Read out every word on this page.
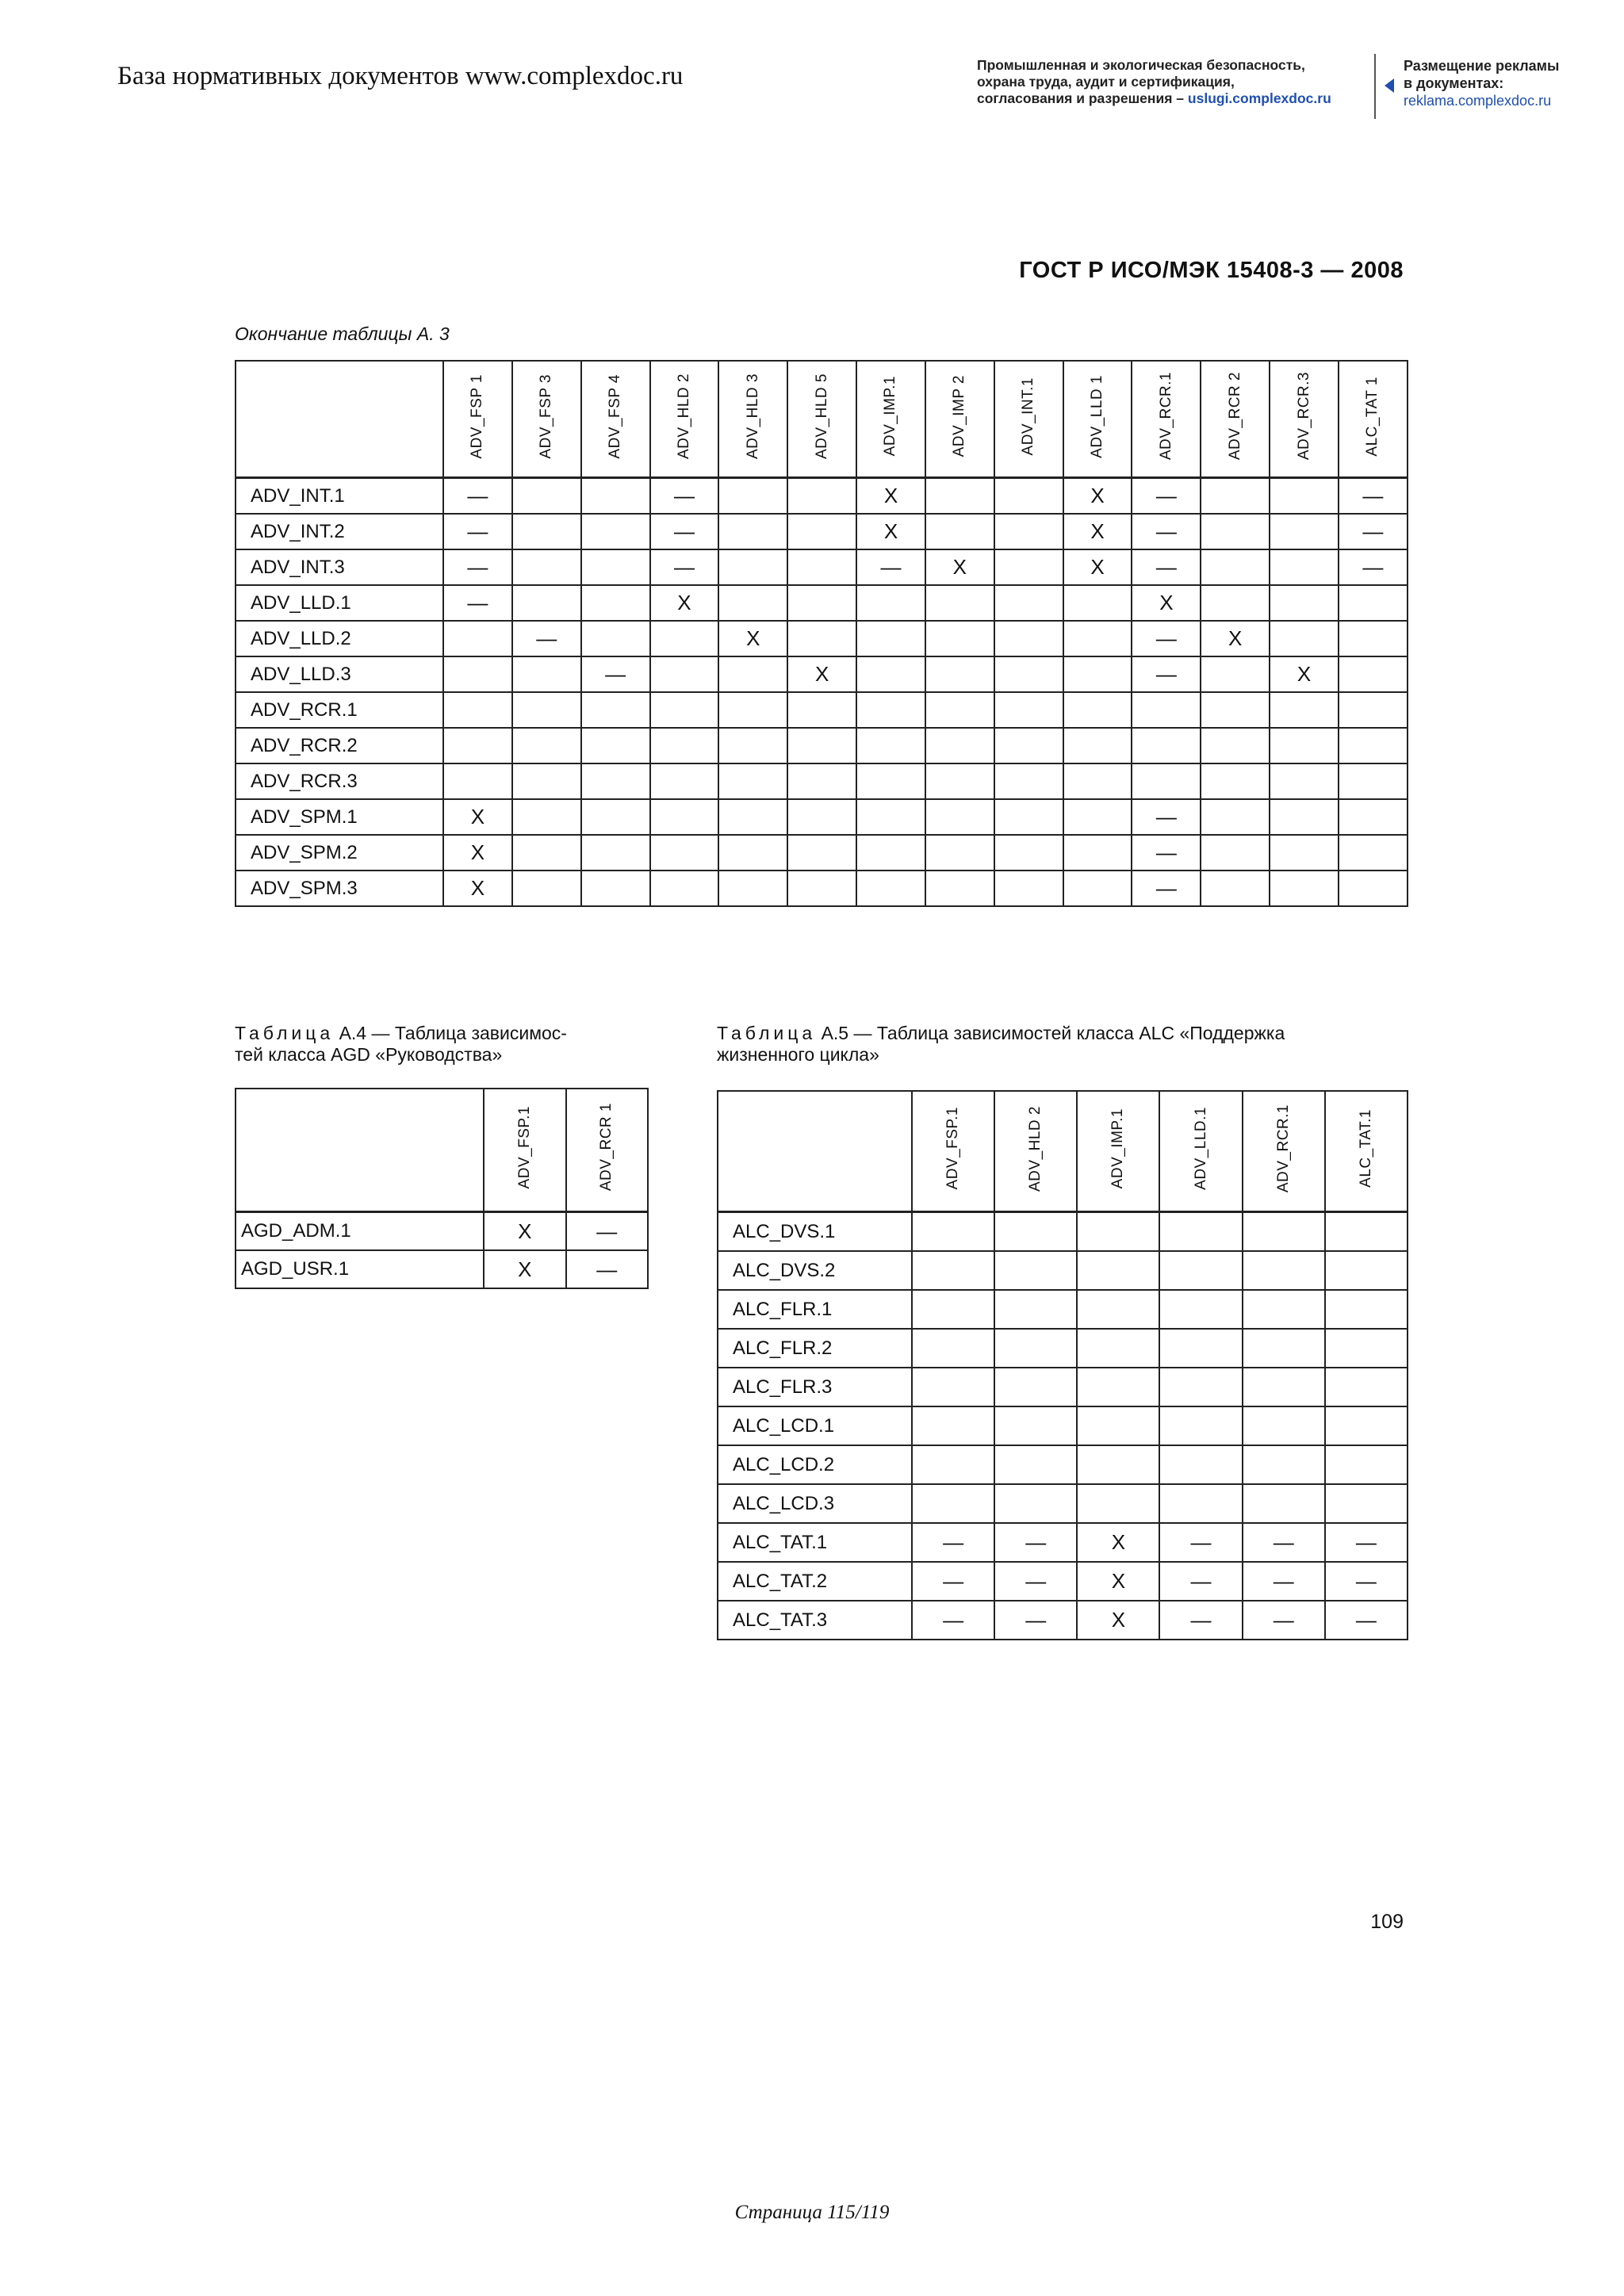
База нормативных документов www.complexdoc.ru	Промышленная и экологическая безопасность,
охрана труда, аудит и сертификация,
согласования и разрешения – uslugi.complexdoc.ru
Размещение рекламы
в документах:
reklama.complexdoc.ru
ГОСТ Р ИСО/МЭК 15408-3 — 2008
Окончание таблицы А. 3
	ADV_FSP 1	ADV_FSP 3	ADV_FSP 4	ADV_HLD 2	ADV_HLD 3	ADV_HLD 5	ADV_IMP.1	ADV_IMP 2	ADV_INT.1	ADV_LLD 1	ADV_RCR.1	ADV_RCR 2	ADV_RCR.3	ALC_TAT 1
ADV_INT.1	—			—			X			X	—			—
ADV_INT.2	—			—			X			X	—			—
ADV_INT.3	—			—			—	X		X	—			—
ADV_LLD.1	—			X							X			
ADV_LLD.2		—			X						—	X		
ADV_LLD.3			—			X					—		X	
ADV_RCR.1														
ADV_RCR.2														
ADV_RCR.3														
ADV_SPM.1	X										—			
ADV_SPM.2	X										—			
ADV_SPM.3	X										—			
Таблица А.4 — Таблица зависимос-
тей класса AGD «Руководства»
	ADV_FSP.1	ADV_RCR 1
AGD_ADM.1	X	—
AGD_USR.1	X	—
Таблица А.5 — Таблица зависимостей класса ALC «Поддержка
жизненного цикла»
	ADV_FSP.1	ADV_HLD 2	ADV_IMP.1	ADV_LLD.1	ADV_RCR.1	ALC_TAT.1
ALC_DVS.1						
ALC_DVS.2						
ALC_FLR.1						
ALC_FLR.2						
ALC_FLR.3						
ALC_LCD.1						
ALC_LCD.2						
ALC_LCD.3						
ALC_TAT.1	—	—	X	—	—	—
ALC_TAT.2	—	—	X	—	—	—
ALC_TAT.3	—	—	X	—	—	—
109
Страница 115/119
